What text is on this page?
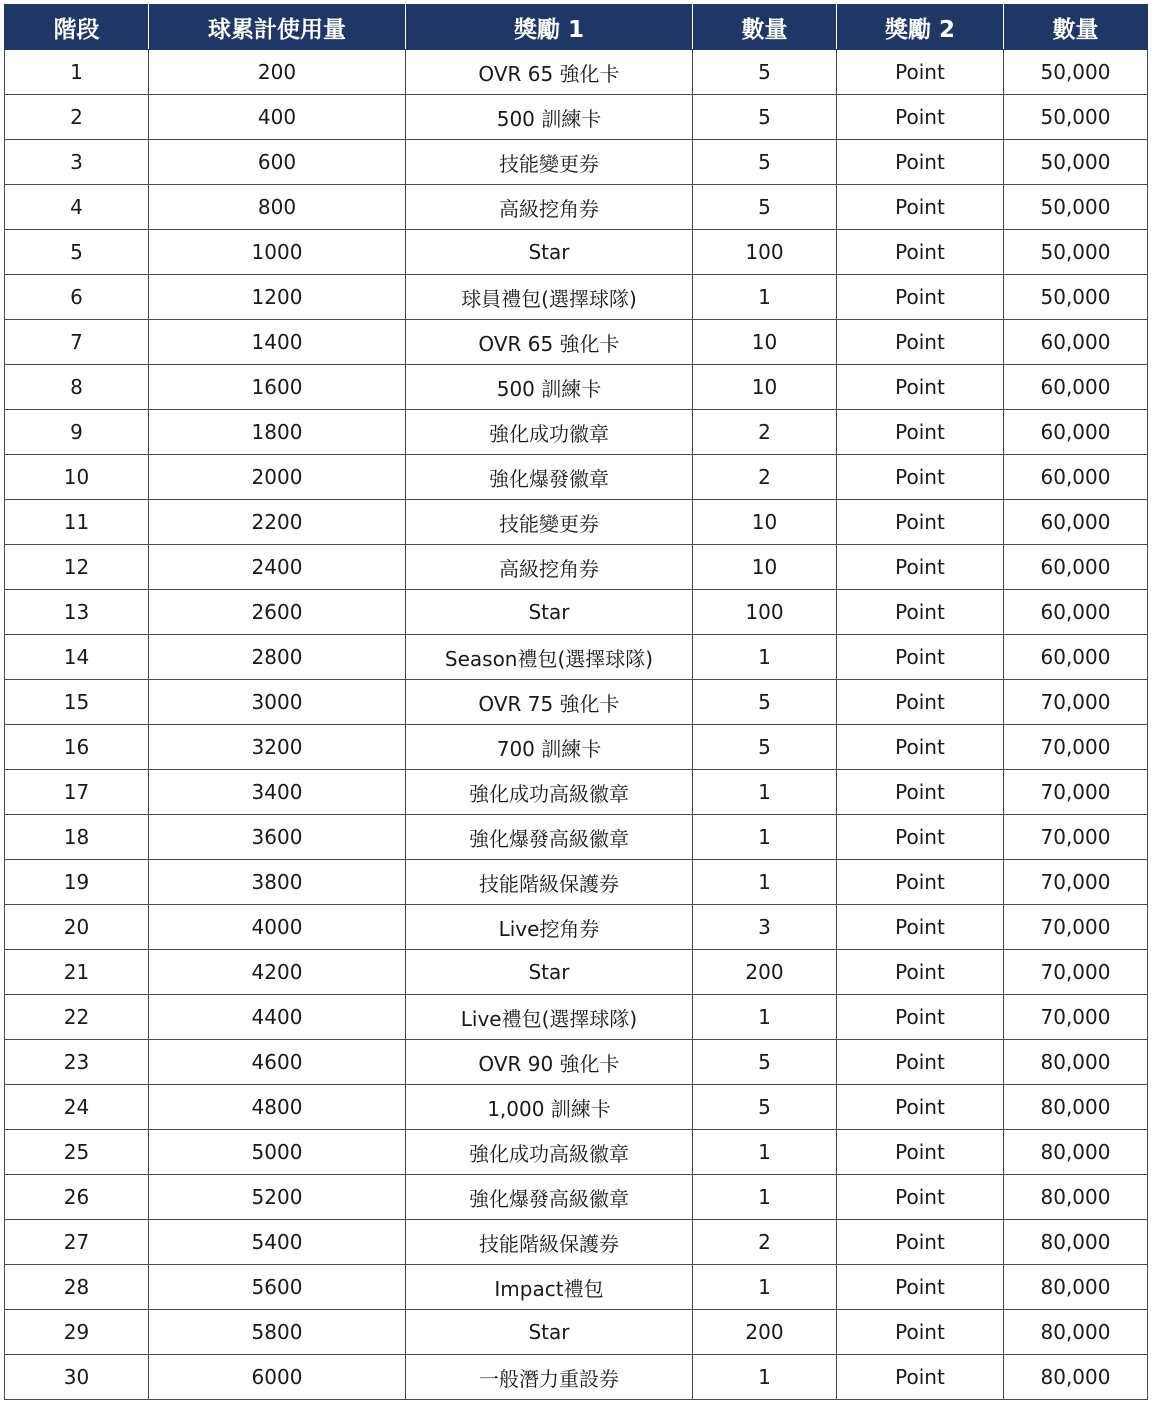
階段	球累計使用量	獎勵 1	數量	獎勵 2	數量
1	200	OVR 65 強化卡	5	Point	50,000
2	400	500 訓練卡	5	Point	50,000
3	600	技能變更券	5	Point	50,000
4	800	高級挖角券	5	Point	50,000
5	1000	Star	100	Point	50,000
6	1200	球員禮包(選擇球隊)	1	Point	50,000
7	1400	OVR 65 強化卡	10	Point	60,000
8	1600	500 訓練卡	10	Point	60,000
9	1800	強化成功徽章	2	Point	60,000
10	2000	強化爆發徽章	2	Point	60,000
11	2200	技能變更券	10	Point	60,000
12	2400	高級挖角券	10	Point	60,000
13	2600	Star	100	Point	60,000
14	2800	Season禮包(選擇球隊)	1	Point	60,000
15	3000	OVR 75 強化卡	5	Point	70,000
16	3200	700 訓練卡	5	Point	70,000
17	3400	強化成功高級徽章	1	Point	70,000
18	3600	強化爆發高級徽章	1	Point	70,000
19	3800	技能階級保護券	1	Point	70,000
20	4000	Live挖角券	3	Point	70,000
21	4200	Star	200	Point	70,000
22	4400	Live禮包(選擇球隊)	1	Point	70,000
23	4600	OVR 90 強化卡	5	Point	80,000
24	4800	1,000 訓練卡	5	Point	80,000
25	5000	強化成功高級徽章	1	Point	80,000
26	5200	強化爆發高級徽章	1	Point	80,000
27	5400	技能階級保護券	2	Point	80,000
28	5600	Impact禮包	1	Point	80,000
29	5800	Star	200	Point	80,000
30	6000	一般潛力重設券	1	Point	80,000
